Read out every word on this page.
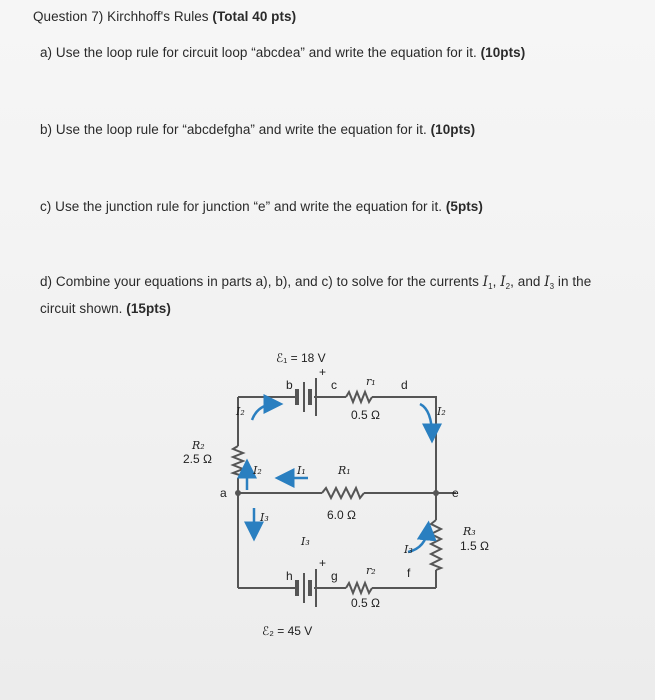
Question 7) Kirchhoff's Rules (Total 40 pts)
a) Use the loop rule for circuit loop “abcdea” and write the equation for it. (10pts)
b) Use the loop rule for “abcdefgha” and write the equation for it. (10pts)
c) Use the junction rule for junction “e” and write the equation for it. (5pts)
d) Combine your equations in parts a), b), and c) to solve for the currents $I_1$, $I_2$, and $I_3$ in the circuit shown. (15pts)
ℰ₁ = 18 V
+
b	c	r₁ d
0.5 Ω
I₂	I₂
R₂
2.5 Ω
I₂	I₁	R₁
6.0 Ω
a	e
I₃
I₃
I₃
R₃
1.5 Ω
h
+
g	r₂	f
0.5 Ω
ℰ₂ = 45 V
